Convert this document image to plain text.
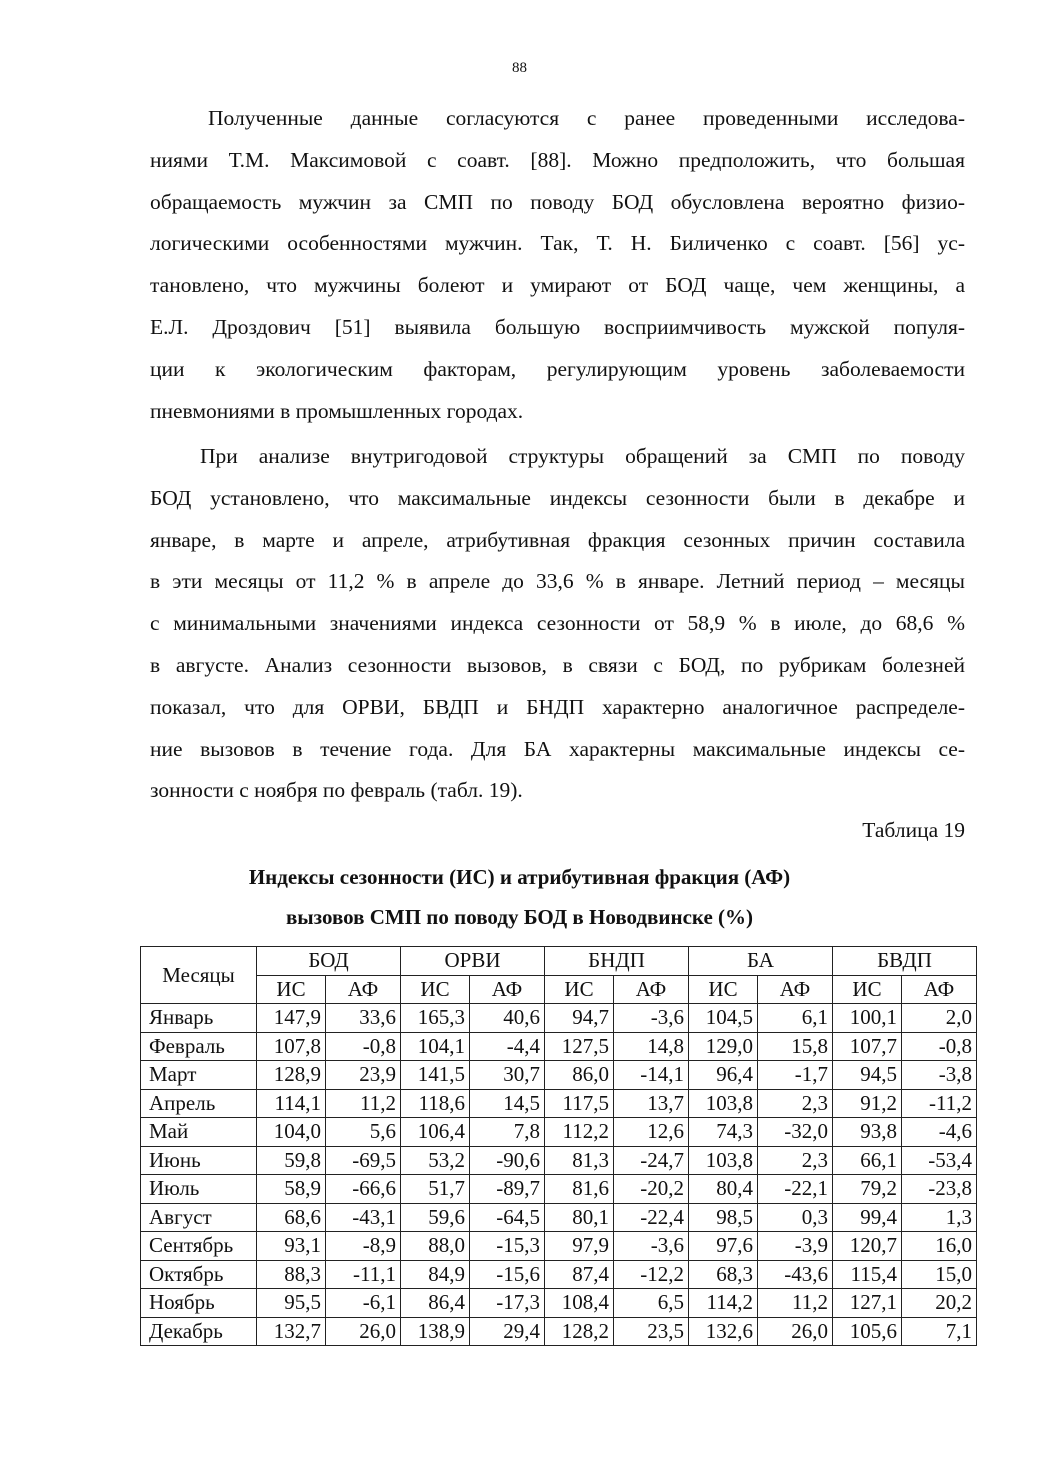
88
Полученные данные согласуются с ранее проведенными исследова-
ниями Т.М. Максимовой с соавт. [88]. Можно предположить, что большая
обращаемость мужчин за СМП по поводу БОД обусловлена вероятно физио-
логическими особенностями мужчин. Так, Т. Н. Биличенко с соавт. [56] ус-
тановлено, что мужчины болеют и умирают от БОД чаще, чем женщины, а
Е.Л. Дроздович [51] выявила большую восприимчивость мужской популя-
ции к экологическим факторам, регулирующим уровень заболеваемости
пневмониями в промышленных городах.
При анализе внутригодовой структуры обращений за СМП по поводу
БОД установлено, что максимальные индексы сезонности были в декабре и
январе, в марте и апреле, атрибутивная фракция сезонных причин составила
в эти месяцы от 11,2 % в апреле до 33,6 % в январе. Летний период – месяцы
с минимальными значениями индекса сезонности от 58,9 % в июле, до 68,6 %
в августе. Анализ сезонности вызовов, в связи с БОД, по рубрикам болезней
показал, что для ОРВИ, БВДП и БНДП характерно аналогичное распределе-
ние вызовов в течение года. Для БА характерны максимальные индексы се-
зонности с ноября по февраль (табл. 19).
Таблица 19
Индексы сезонности (ИС) и атрибутивная фракция (АФ)
вызовов СМП по поводу БОД в Новодвинске (%)
Месяцы	БОД		ОРВИ		БНДП		БА		БВДП	
	ИС	АФ	ИС	АФ	ИС	АФ	ИС	АФ	ИС	АФ
Январь	147,9	33,6	165,3	40,6	94,7	-3,6	104,5	6,1	100,1	2,0
Февраль	107,8	-0,8	104,1	-4,4	127,5	14,8	129,0	15,8	107,7	-0,8
Март	128,9	23,9	141,5	30,7	86,0	-14,1	96,4	-1,7	94,5	-3,8
Апрель	114,1	11,2	118,6	14,5	117,5	13,7	103,8	2,3	91,2	-11,2
Май	104,0	5,6	106,4	7,8	112,2	12,6	74,3	-32,0	93,8	-4,6
Июнь	59,8	-69,5	53,2	-90,6	81,3	-24,7	103,8	2,3	66,1	-53,4
Июль	58,9	-66,6	51,7	-89,7	81,6	-20,2	80,4	-22,1	79,2	-23,8
Август	68,6	-43,1	59,6	-64,5	80,1	-22,4	98,5	0,3	99,4	1,3
Сентябрь	93,1	-8,9	88,0	-15,3	97,9	-3,6	97,6	-3,9	120,7	16,0
Октябрь	88,3	-11,1	84,9	-15,6	87,4	-12,2	68,3	-43,6	115,4	15,0
Ноябрь	95,5	-6,1	86,4	-17,3	108,4	6,5	114,2	11,2	127,1	20,2
Декабрь	132,7	26,0	138,9	29,4	128,2	23,5	132,6	26,0	105,6	7,1
